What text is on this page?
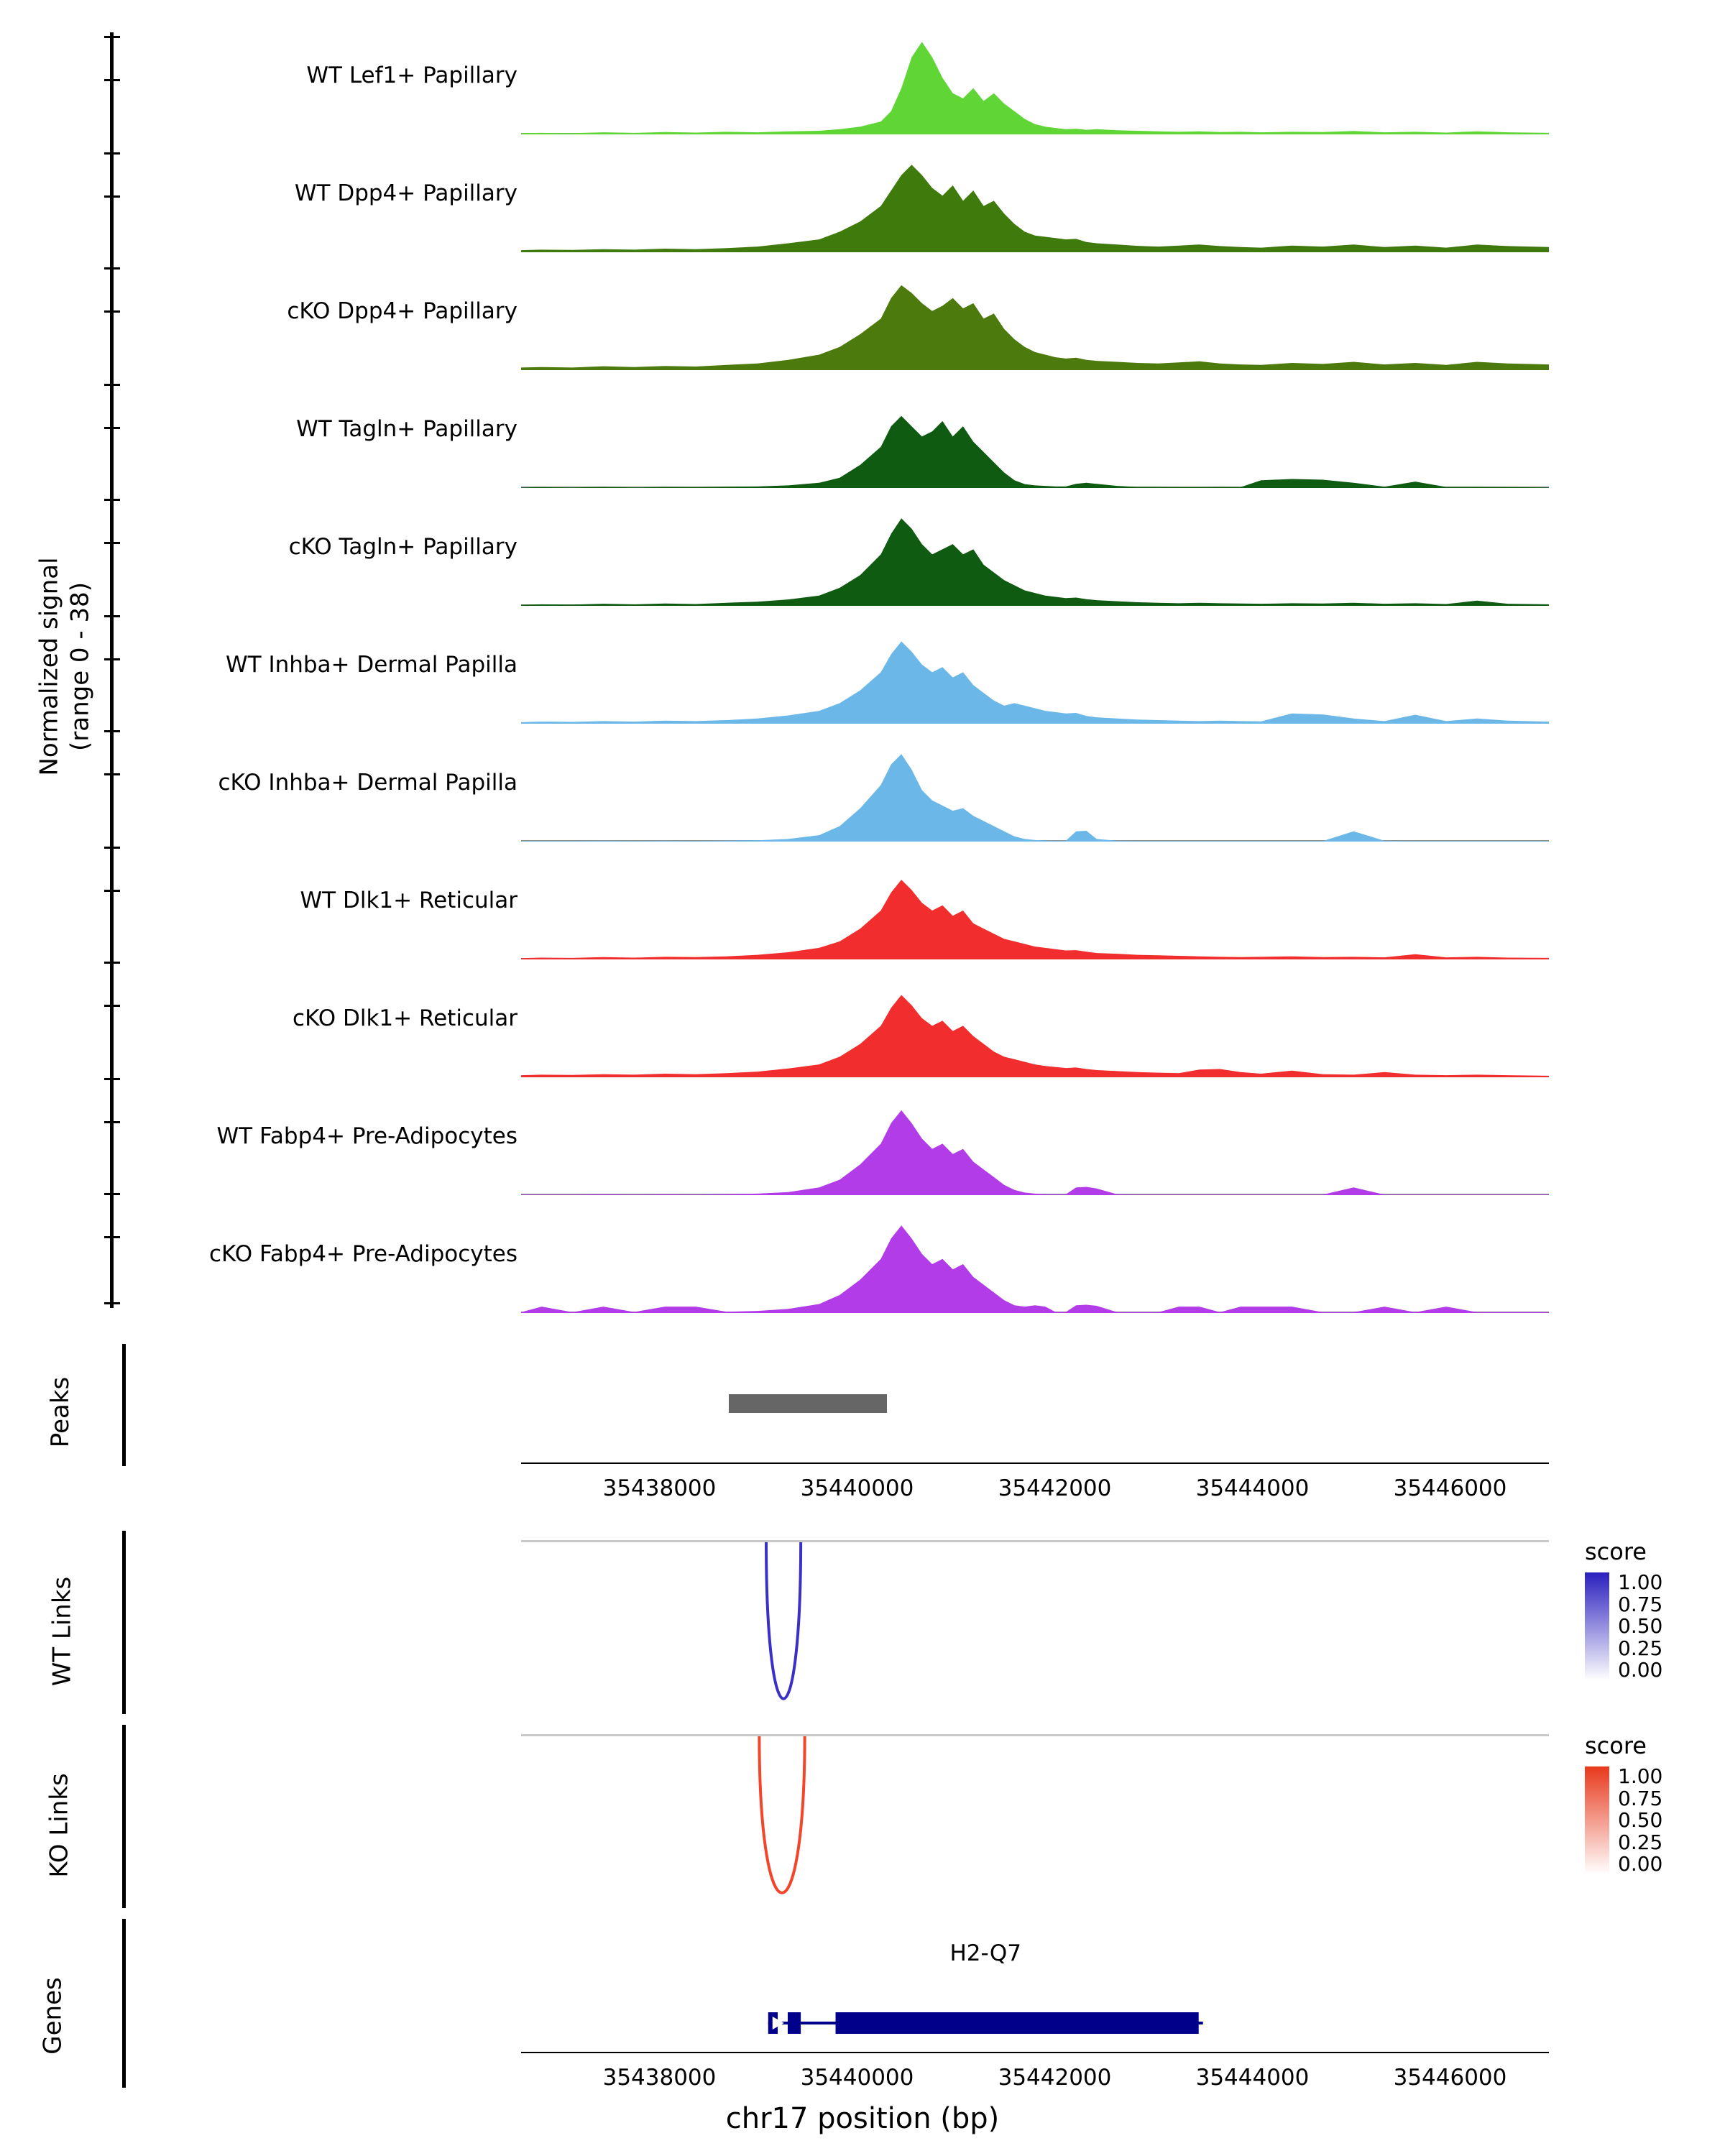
Normalized signal (range 0 - 38)
WT Lef1+ Papillary
WT Dpp4+ Papillary
cKO Dpp4+ Papillary
WT Tagln+ Papillary
cKO Tagln+ Papillary
WT Inhba+ Dermal Papilla
cKO Inhba+ Dermal Papilla
WT Dlk1+ Reticular
cKO Dlk1+ Reticular
WT Fabp4+ Pre-Adipocytes
cKO Fabp4+ Pre-Adipocytes
Peaks
35438000	35440000	35442000	35444000	35446000
WT Links
score
1.00
0.75
0.50
0.25
0.00
KO Links
score
1.00
0.75
0.50
0.25
0.00
Genes
H2-Q7
35438000	35440000	35442000	35444000	35446000
chr17 position (bp)
